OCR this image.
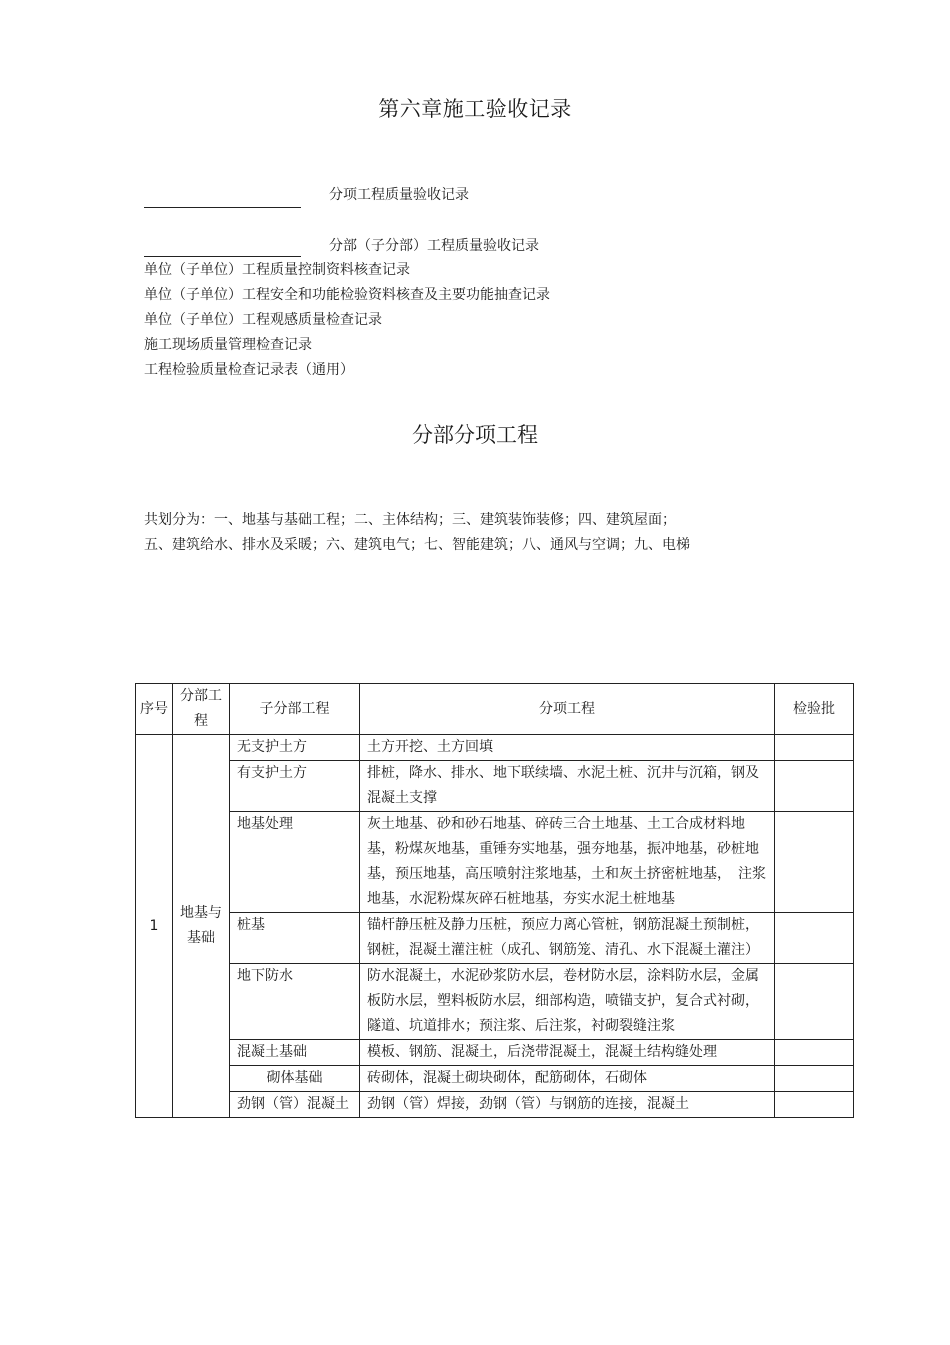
第六章施工验收记录
分项工程质量验收记录
分部（子分部）工程质量验收记录
单位（子单位）工程质量控制资料核查记录
单位（子单位）工程安全和功能检验资料核查及主要功能抽查记录
单位（子单位）工程观感质量检查记录
施工现场质量管理检查记录
工程检验质量检查记录表（通用）
分部分项工程
共划分为：一、地基与基础工程；二、主体结构；三、建筑装饰装修；四、建筑屋面；
五、建筑给水、排水及采暖；六、建筑电气；七、智能建筑；八、通风与空调；九、电梯
序号	分部工程	子分部工程	分项工程	检验批
1	地基与基础	无支护土方	土方开挖、土方回填	
		有支护土方	排桩，降水、排水、地下联续墙、水泥土桩、沉井与沉箱，钢及混凝土支撑	
		地基处理	灰土地基、砂和砂石地基、碎砖三合土地基、土工合成材料地基，粉煤灰地基，重锤夯实地基，强夯地基，振冲地基，砂桩地基，预压地基，高压喷射注浆地基，土和灰土挤密桩地基，　注浆地基，水泥粉煤灰碎石桩地基，夯实水泥土桩地基	
		桩基	锚杆静压桩及静力压桩，预应力离心管桩，钢筋混凝土预制桩，钢桩，混凝土灌注桩（成孔、钢筋笼、清孔、水下混凝土灌注）	
		地下防水	防水混凝土，水泥砂浆防水层，卷材防水层，涂料防水层，金属板防水层，塑料板防水层，细部构造，喷锚支护，复合式衬砌，隧道、坑道排水；预注浆、后注浆，衬砌裂缝注浆	
		混凝土基础	模板、钢筋、混凝土，后浇带混凝土，混凝土结构缝处理	
		砌体基础	砖砌体，混凝土砌块砌体，配筋砌体，石砌体	
		劲钢（管）混凝土	劲钢（管）焊接，劲钢（管）与钢筋的连接，混凝土	
